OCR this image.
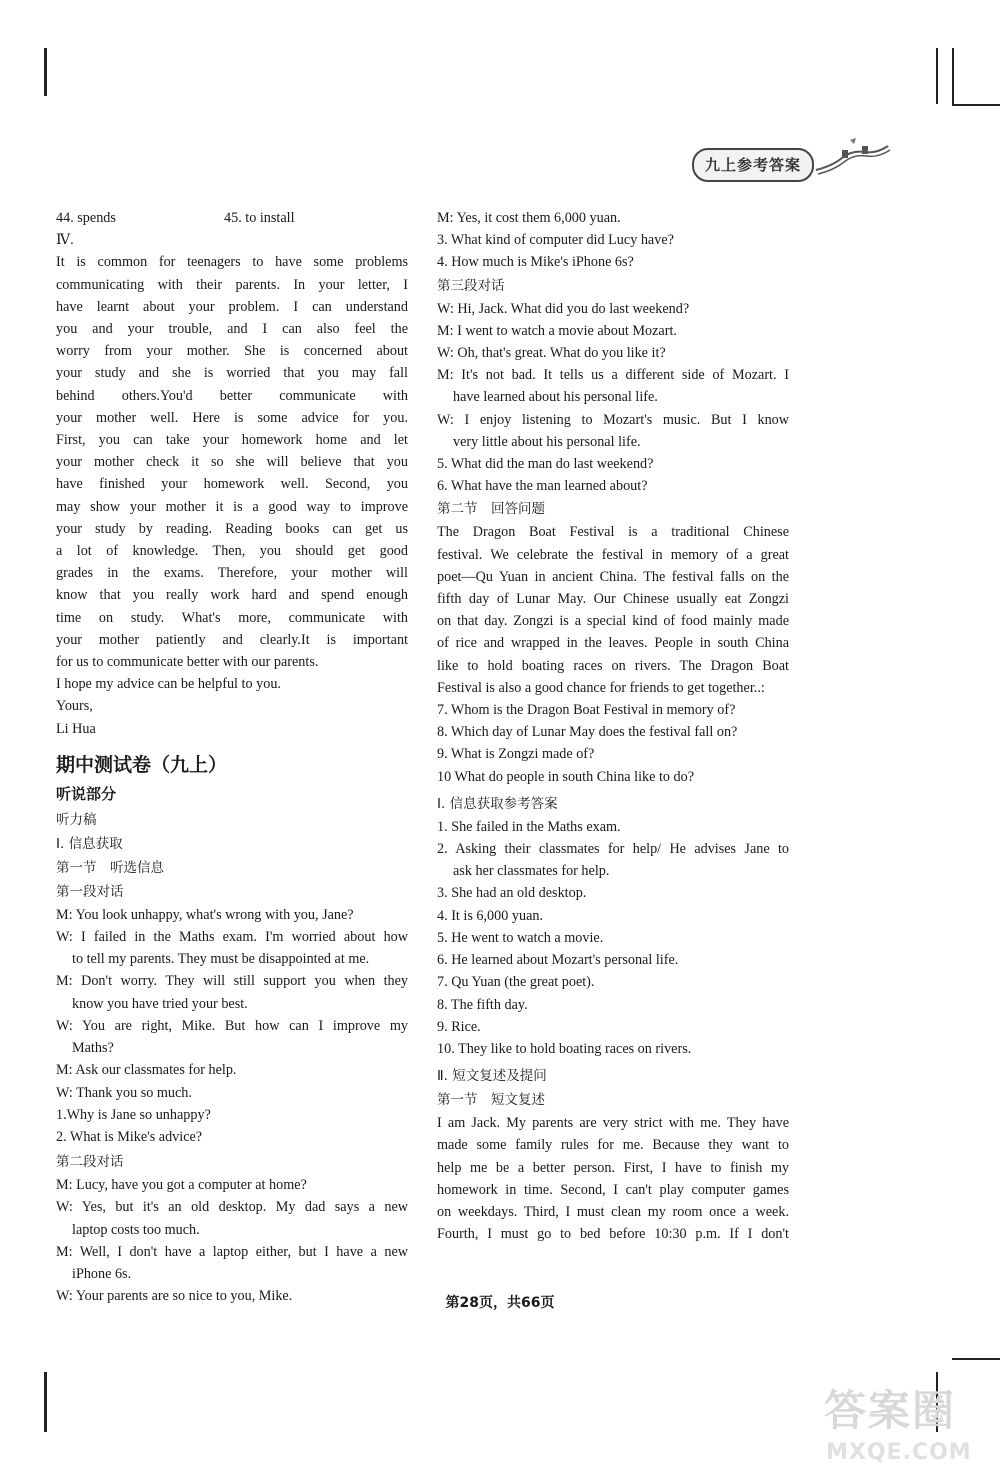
九上参考答案
44. spends	45. to install
Ⅳ.
It is common for teenagers to have some problems
communicating with their parents. In your letter, I
have learnt about your problem. I can understand
you and your trouble, and I can also feel the
worry from your mother. She is concerned about
your study and she is worried that you may fall
behind others.You'd better communicate with
your mother well. Here is some advice for you.
First, you can take your homework home and let
your mother check it so she will believe that you
have finished your homework well. Second, you
may show your mother it is a good way to improve
your study by reading. Reading books can get us
a lot of knowledge. Then, you should get good
grades in the exams. Therefore, your mother will
know that you really work hard and spend enough
time on study. What's more, communicate with
your mother patiently and clearly.It is important
for us to communicate better with our parents.
I hope my advice can be helpful to you.
Yours,
Li Hua
期中测试卷（九上）
听说部分
听力稿
Ⅰ. 信息获取
第一节　听选信息
第一段对话
M: You look unhappy, what's wrong with you, Jane?
W: I failed in the Maths exam. I'm worried about how
to tell my parents. They must be disappointed at me.
M: Don't worry. They will still support you when they
know you have tried your best.
W: You are right, Mike. But how can I improve my
Maths?
M: Ask our classmates for help.
W: Thank you so much.
1.Why is Jane so unhappy?
2. What is Mike's advice?
第二段对话
M: Lucy, have you got a computer at home?
W: Yes, but it's an old desktop. My dad says a new
laptop costs too much.
M: Well, I don't have a laptop either, but I have a new
iPhone 6s.
W: Your parents are so nice to you, Mike.
M: Yes, it cost them 6,000 yuan.
3. What kind of computer did Lucy have?
4. How much is Mike's iPhone 6s?
第三段对话
W: Hi, Jack. What did you do last weekend?
M: I went to watch a movie about Mozart.
W: Oh, that's great. What do you like it?
M: It's not bad. It tells us a different side of Mozart. I
have learned about his personal life.
W: I enjoy listening to Mozart's music. But I know
very little about his personal life.
5. What did the man do last weekend?
6. What have the man learned about?
第二节　回答问题
The Dragon Boat Festival is a traditional Chinese
festival. We celebrate the festival in memory of a great
poet—Qu Yuan in ancient China. The festival falls on the
fifth day of Lunar May. Our Chinese usually eat Zongzi
on that day. Zongzi is a special kind of food mainly made
of rice and wrapped in the leaves. People in south China
like to hold boating races on rivers. The Dragon Boat
Festival is also a good chance for friends to get together..:
7. Whom is the Dragon Boat Festival in memory of?
8. Which day of Lunar May does the festival fall on?
9. What is Zongzi made of?
10 What do people in south China like to do?
Ⅰ. 信息获取参考答案
1. She failed in the Maths exam.
2. Asking their classmates for help/ He advises Jane to
ask her classmates for help.
3. She had an old desktop.
4. It is 6,000 yuan.
5. He went to watch a movie.
6. He learned about Mozart's personal life.
7. Qu Yuan (the great poet).
8. The fifth day.
9. Rice.
10. They like to hold boating races on rivers.
Ⅱ. 短文复述及提问
第一节　短文复述
I am Jack. My parents are very strict with me. They have
made some family rules for me. Because they want to
help me be a better person. First, I have to finish my
homework in time. Second, I can't play computer games
on weekdays. Third, I must clean my room once a week.
Fourth, I must go to bed before 10:30 p.m. If I don't
第28页，共66页
答案圈
MXQE.COM
